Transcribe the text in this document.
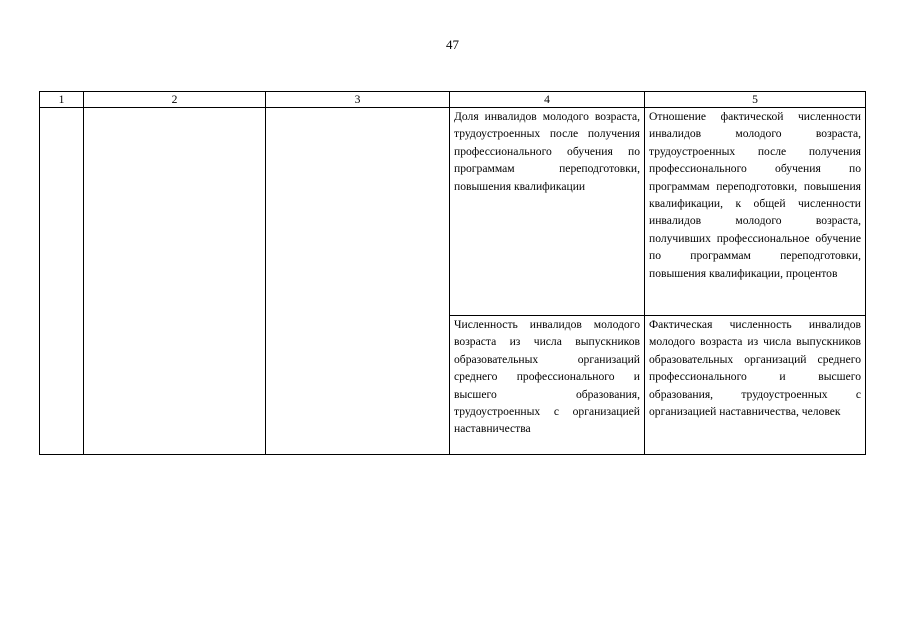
47
1	2	3	4	5
			Доля инвалидов молодого возраста, трудоустроенных после получения профессионального обучения по программам переподготовки, повышения квалификации	Отношение фактической численности инвалидов молодого возраста, трудоустроенных после получения профессионального обучения по программам переподготовки, повышения квалификации, к общей численности инвалидов молодого возраста, получивших профессиональное обучение по программам переподготовки, повышения квалификации, процентов
			Численность инвалидов молодого возраста из числа выпускников образовательных организаций среднего профессионального и высшего образования, трудоустроенных с организацией наставничества	Фактическая численность инвалидов молодого возраста из числа выпускников образовательных организаций среднего профессионального и высшего образования, трудоустроенных с организацией наставничества, человек
